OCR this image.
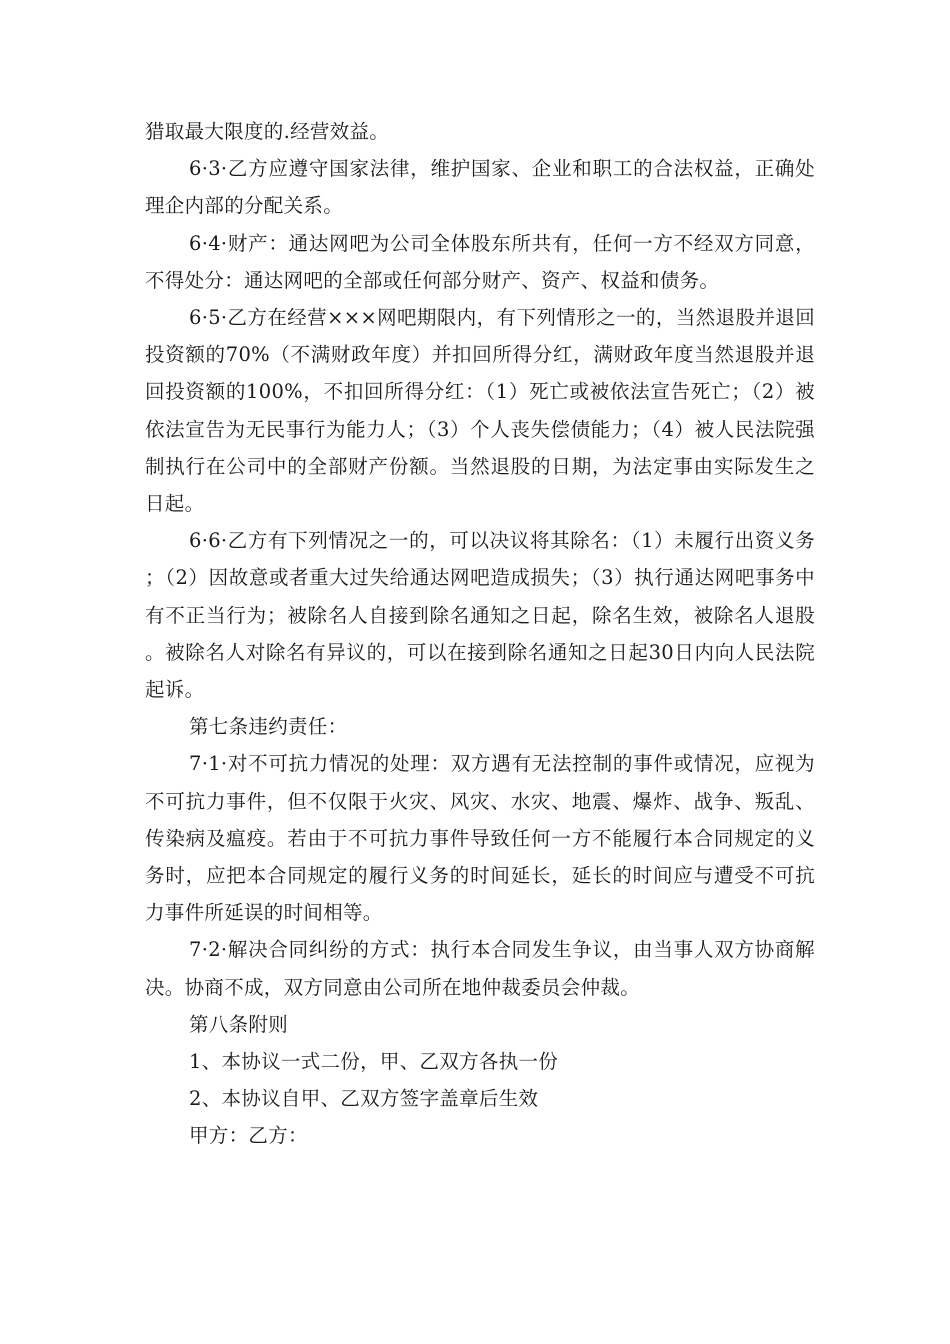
猎取最大限度的.经营效益。

6·3·乙方应遵守国家法律，维护国家、企业和职工的合法权益，正确处理企内部的分配关系。

6·4·财产：通达网吧为公司全体股东所共有，任何一方不经双方同意，不得处分：通达网吧的全部或任何部分财产、资产、权益和债务。

6·5·乙方在经营×××网吧期限内，有下列情形之一的，当然退股并退回投资额的70%（不满财政年度）并扣回所得分红，满财政年度当然退股并退回投资额的100%，不扣回所得分红：（1）死亡或被依法宣告死亡；（2）被依法宣告为无民事行为能力人；（3）个人丧失偿债能力；（4）被人民法院强制执行在公司中的全部财产份额。当然退股的日期，为法定事由实际发生之日起。

6·6·乙方有下列情况之一的，可以决议将其除名：（1）未履行出资义务；（2）因故意或者重大过失给通达网吧造成损失；（3）执行通达网吧事务中有不正当行为；被除名人自接到除名通知之日起，除名生效，被除名人退股。被除名人对除名有异议的，可以在接到除名通知之日起30日内向人民法院起诉。

第七条违约责任：

7·1·对不可抗力情况的处理：双方遇有无法控制的事件或情况，应视为不可抗力事件，但不仅限于火灾、风灾、水灾、地震、爆炸、战争、叛乱、传染病及瘟疫。若由于不可抗力事件导致任何一方不能履行本合同规定的义务时，应把本合同规定的履行义务的时间延长，延长的时间应与遭受不可抗力事件所延误的时间相等。

7·2·解决合同纠纷的方式：执行本合同发生争议，由当事人双方协商解决。协商不成，双方同意由公司所在地仲裁委员会仲裁。

第八条附则

1、本协议一式二份，甲、乙双方各执一份

2、本协议自甲、乙双方签字盖章后生效

甲方：乙方：
